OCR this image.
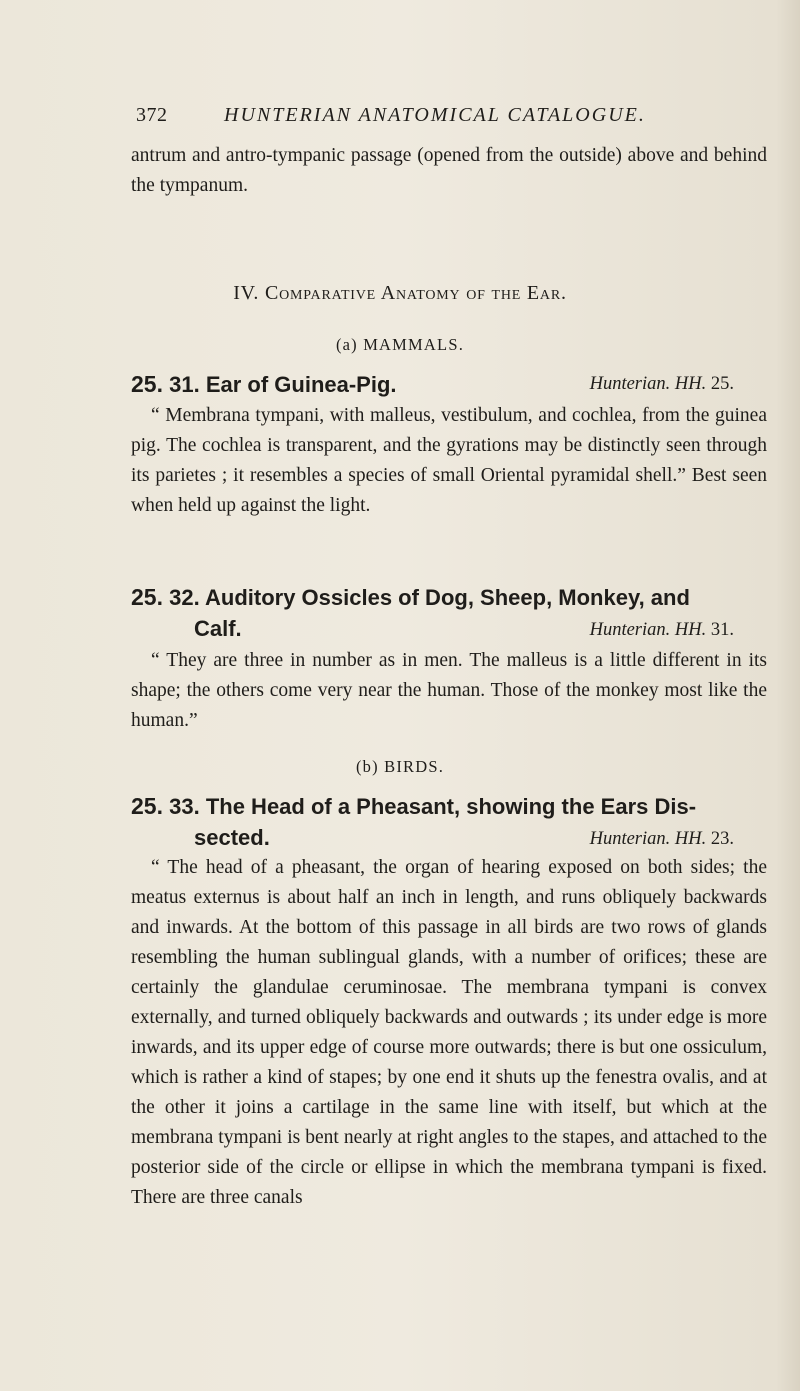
372	HUNTERIAN ANATOMICAL CATALOGUE.
antrum and antro-tympanic passage (opened from the outside) above and behind the tympanum.
IV. Comparative Anatomy of the Ear.
(a) MAMMALS.
25. 31. Ear of Guinea-Pig.	Hunterian. HH. 25.
“ Membrana tympani, with malleus, vestibulum, and cochlea, from the guinea pig. The cochlea is transparent, and the gyrations may be distinctly seen through its parietes ; it resembles a species of small Oriental pyramidal shell.” Best seen when held up against the light.
25. 32. Auditory Ossicles of Dog, Sheep, Monkey, and
Calf.	Hunterian. HH. 31.
“ They are three in number as in men. The malleus is a little different in its shape; the others come very near the human. Those of the monkey most like the human.”
(b) BIRDS.
25. 33. The Head of a Pheasant, showing the Ears Dis-
sected.	Hunterian. HH. 23.
“ The head of a pheasant, the organ of hearing exposed on both sides; the meatus externus is about half an inch in length, and runs obliquely backwards and inwards. At the bottom of this passage in all birds are two rows of glands resembling the human sublingual glands, with a number of orifices; these are certainly the glandulae ceruminosae. The membrana tympani is convex externally, and turned obliquely backwards and outwards ; its under edge is more inwards, and its upper edge of course more outwards; there is but one ossiculum, which is rather a kind of stapes; by one end it shuts up the fenestra ovalis, and at the other it joins a cartilage in the same line with itself, but which at the membrana tympani is bent nearly at right angles to the stapes, and attached to the posterior side of the circle or ellipse in which the membrana tympani is fixed. There are three canals
